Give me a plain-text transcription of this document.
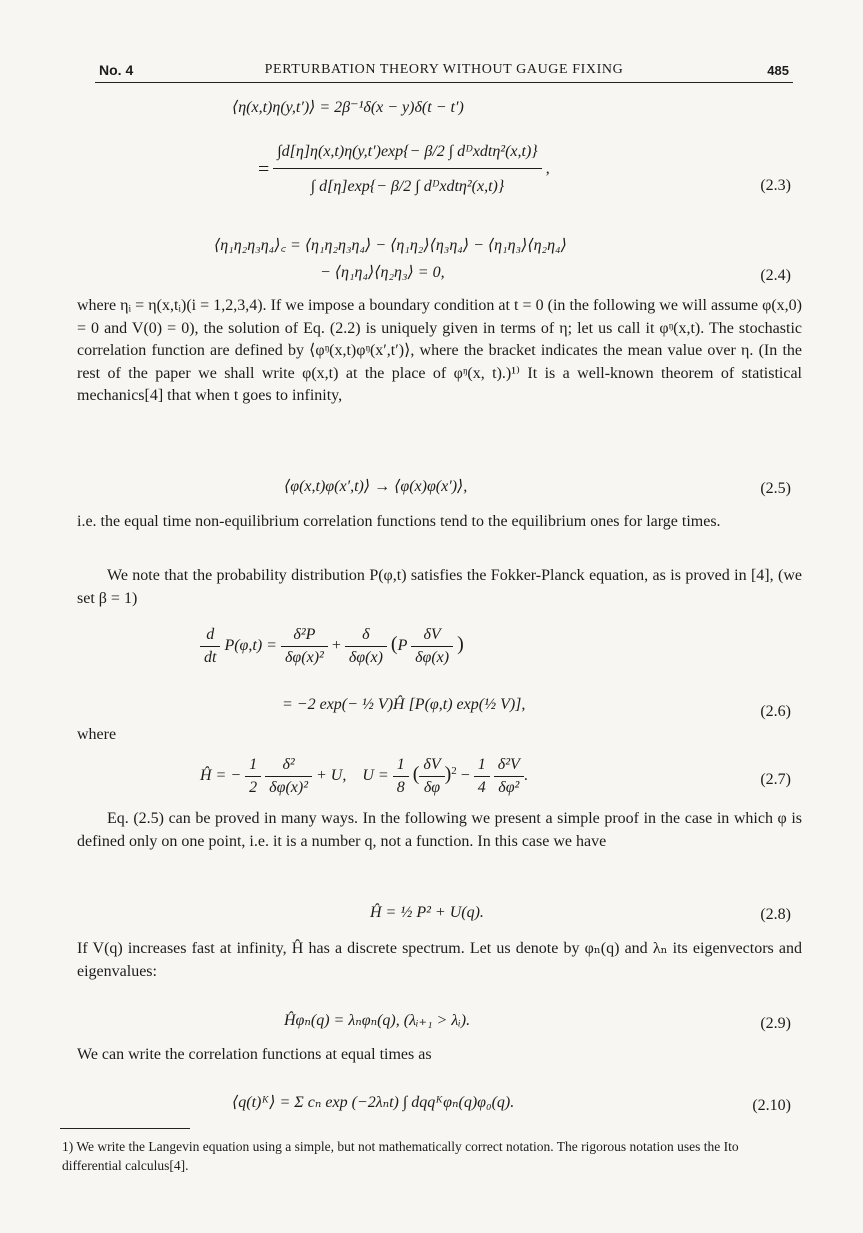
No. 4	PERTURBATION THEORY WITHOUT GAUGE FIXING	485
⟨η(x,t)η(y,t′)⟩ = 2β⁻¹δ(x − y)δ(t − t′)
= $\frac{\text{∫d[η]η(x,t)η(y,t′)exp\{− β/2 ∫ dᴰxdtη²(x,t)\}}}{\text{∫ d[η]exp\{− β/2 ∫ dᴰxdtη²(x,t)\}}}$ ,
(2.3)
⟨η₁η₂η₃η₄⟩꜀ = ⟨η₁η₂η₃η₄⟩ − ⟨η₁η₂⟩⟨η₃η₄⟩ − ⟨η₁η₃⟩⟨η₂η₄⟩
− ⟨η₁η₄⟩⟨η₂η₃⟩ = 0,	(2.4)
where ηᵢ = η(x,tᵢ)(i = 1,2,3,4). If we impose a boundary condition at t = 0 (in the following we will assume φ(x,0) = 0 and V(0) = 0), the solution of Eq. (2.2) is uniquely given in terms of η; let us call it φᵑ(x,t). The stochastic correlation function are defined by ⟨φᵑ(x,t)φᵑ(x′,t′)⟩, where the bracket indicates the mean value over η. (In the rest of the paper we shall write φ(x,t) at the place of φᵑ(x, t).)¹⁾ It is a well-known theorem of statistical mechanics[4] that when t goes to infinity,
⟨φ(x,t)φ(x′,t)⟩ → ⟨φ(x)φ(x′)⟩,	(2.5)
i.e. the equal time non-equilibrium correlation functions tend to the equilibrium ones for large times.
We note that the probability distribution P(φ,t) satisfies the Fokker-Planck equation, as is proved in [4], (we set β = 1)
$\frac{d}{dt} P(\varphi,t) = \frac{\text{δ²P}}{\text{δφ(x)²}} + \frac{\delta}{\delta\varphi(x)} (P \frac{\delta V}{\delta\varphi(x)}$ )
= −2 exp(− ½ V)Ĥ [P(φ,t) exp(½ V)],	(2.6)
where
Ĥ = − $\frac{1}{2}$
$\frac{\text{δ²}}{\text{δφ(x)²}} + U$,    $U = \frac{1}{8}$ ( $\frac{\delta V}{\delta\varphi} )^2 - \frac{1}{4}$
$\frac{\text{δ²V}}{\text{δφ²}}$ .	(2.7)
Eq. (2.5) can be proved in many ways. In the following we present a simple proof in the case in which φ is defined only on one point, i.e. it is a number q, not a function. In this case we have
Ĥ = ½ P² + U(q).	(2.8)
If V(q) increases fast at infinity, Ĥ has a discrete spectrum. Let us denote by φₙ(q) and λₙ its eigenvectors and eigenvalues:
Ĥφₙ(q) = λₙφₙ(q), (λᵢ₊₁ > λᵢ).	(2.9)
We can write the correlation functions at equal times as
⟨q(t)ᴷ⟩ = Σ cₙ exp (−2λₙt) ∫ dqqᴷφₙ(q)φ₀(q).	(2.10)
1) We write the Langevin equation using a simple, but not mathematically correct notation. The rigorous notation uses the Ito differential calculus[4].
